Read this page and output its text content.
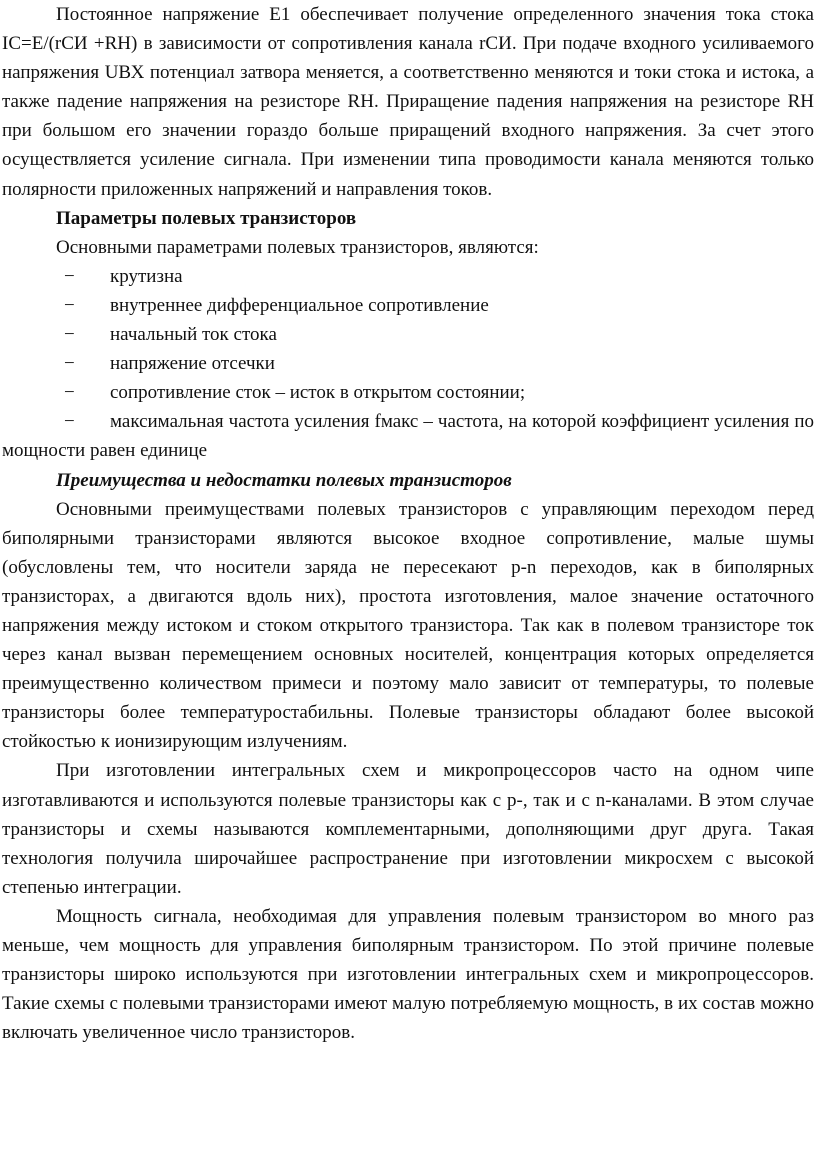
Постоянное напряжение Е1 обеспечивает получение определенного значения тока стока IС=E/(rСИ +RН) в зависимости от сопротивления канала rСИ. При подаче входного усиливаемого напряжения UВХ потенциал затвора меняется, а соответственно меняются и токи стока и истока, а также падение напряжения на резисторе RН. Приращение падения напряжения на резисторе RН при большом его значении гораздо больше приращений входного напряжения. За счет этого осуществляется усиление сигнала. При изменении типа проводимости канала меняются только полярности приложенных напряжений и направления токов.

Параметры полевых транзисторов

Основными параметрами полевых транзисторов, являются:

− крутизна
− внутреннее дифференциальное сопротивление
− начальный ток стока
− напряжение отсечки
− сопротивление сток – исток в открытом состоянии;
− максимальная частота усиления fмакс – частота, на которой коэффициент усиления по мощности равен единице

Преимущества и недостатки полевых транзисторов

Основными преимуществами полевых транзисторов с управляющим переходом перед биполярными транзисторами являются высокое входное сопротивление, малые шумы (обусловлены тем, что носители заряда не пересекают p-n переходов, как в биполярных транзисторах, а двигаются вдоль них), простота изготовления, малое значение остаточного напряжения между истоком и стоком открытого транзистора. Так как в полевом транзисторе ток через канал вызван перемещением основных носителей, концентрация которых определяется преимущественно количеством примеси и поэтому мало зависит от температуры, то полевые транзисторы более температуростабильны. Полевые транзисторы обладают более высокой стойкостью к ионизирующим излучениям.

При изготовлении интегральных схем и микропроцессоров часто на одном чипе изготавливаются и используются полевые транзисторы как с p-, так и с n-каналами. В этом случае транзисторы и схемы называются комплементарными, дополняющими друг друга. Такая технология получила широчайшее распространение при изготовлении микросхем с высокой степенью интеграции.

Мощность сигнала, необходимая для управления полевым транзистором во много раз меньше, чем мощность для управления биполярным транзистором. По этой причине полевые транзисторы широко используются при изготовлении интегральных схем и микропроцессоров. Такие схемы с полевыми транзисторами имеют малую потребляемую мощность, в их состав можно включать увеличенное число транзисторов.
